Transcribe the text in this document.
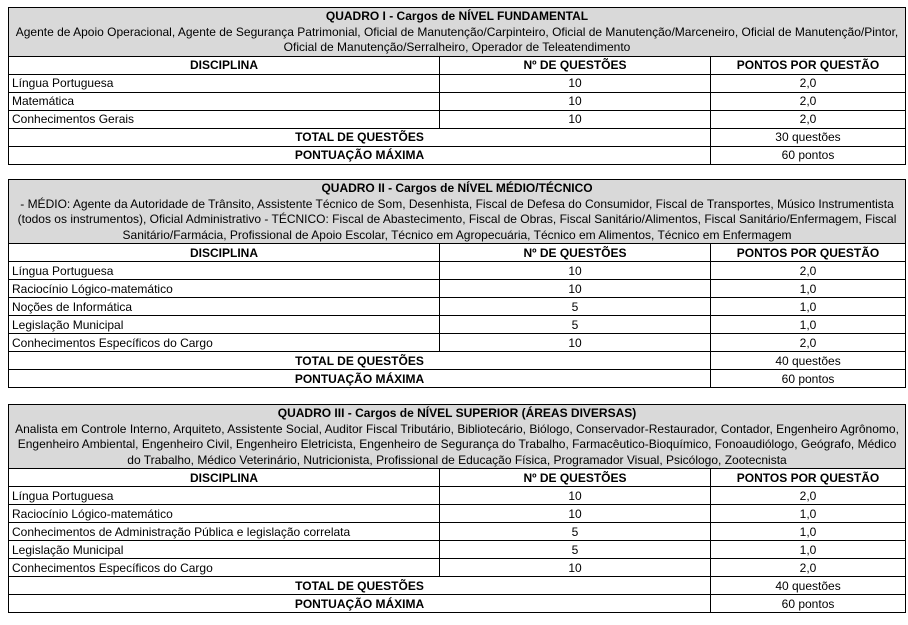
QUADRO I - Cargos de NÍVEL FUNDAMENTAL
Agente de Apoio Operacional, Agente de Segurança Patrimonial, Oficial de Manutenção/Carpinteiro, Oficial de Manutenção/Marceneiro, Oficial de Manutenção/Pintor, Oficial de Manutenção/Serralheiro, Operador de Teleatendimento		

DISCIPLINA	Nº DE QUESTÕES	PONTOS POR QUESTÃO
Língua Portuguesa	10	2,0
Matemática	10	2,0
Conhecimentos Gerais	10	2,0
TOTAL DE QUESTÕES		30 questões
PONTUAÇÃO MÁXIMA		60 pontos
QUADRO II - Cargos de NÍVEL MÉDIO/TÉCNICO
- MÉDIO: Agente da Autoridade de Trânsito, Assistente Técnico de Som, Desenhista, Fiscal de Defesa do Consumidor, Fiscal de Transportes, Músico Instrumentista (todos os instrumentos), Oficial Administrativo - TÉCNICO: Fiscal de Abastecimento, Fiscal de Obras, Fiscal Sanitário/Alimentos, Fiscal Sanitário/Enfermagem, Fiscal Sanitário/Farmácia, Profissional de Apoio Escolar, Técnico em Agropecuária, Técnico em Alimentos, Técnico em Enfermagem		

DISCIPLINA	Nº DE QUESTÕES	PONTOS POR QUESTÃO
Língua Portuguesa	10	2,0
Raciocínio Lógico-matemático	10	1,0
Noções de Informática	5	1,0
Legislação Municipal	5	1,0
Conhecimentos Específicos do Cargo	10	2,0
TOTAL DE QUESTÕES		40 questões
PONTUAÇÃO MÁXIMA		60 pontos
QUADRO III - Cargos de NÍVEL SUPERIOR (ÁREAS DIVERSAS)
Analista em Controle Interno, Arquiteto, Assistente Social, Auditor Fiscal Tributário, Bibliotecário, Biólogo, Conservador-Restaurador, Contador, Engenheiro Agrônomo, Engenheiro Ambiental, Engenheiro Civil, Engenheiro Eletricista, Engenheiro de Segurança do Trabalho, Farmacêutico-Bioquímico, Fonoaudiólogo, Geógrafo, Médico do Trabalho, Médico Veterinário, Nutricionista, Profissional de Educação Física, Programador Visual, Psicólogo, Zootecnista		

DISCIPLINA	Nº DE QUESTÕES	PONTOS POR QUESTÃO
Língua Portuguesa	10	2,0
Raciocínio Lógico-matemático	10	1,0
Conhecimentos de Administração Pública e legislação correlata	5	1,0
Legislação Municipal	5	1,0
Conhecimentos Específicos do Cargo	10	2,0
TOTAL DE QUESTÕES		40 questões
PONTUAÇÃO MÁXIMA		60 pontos
